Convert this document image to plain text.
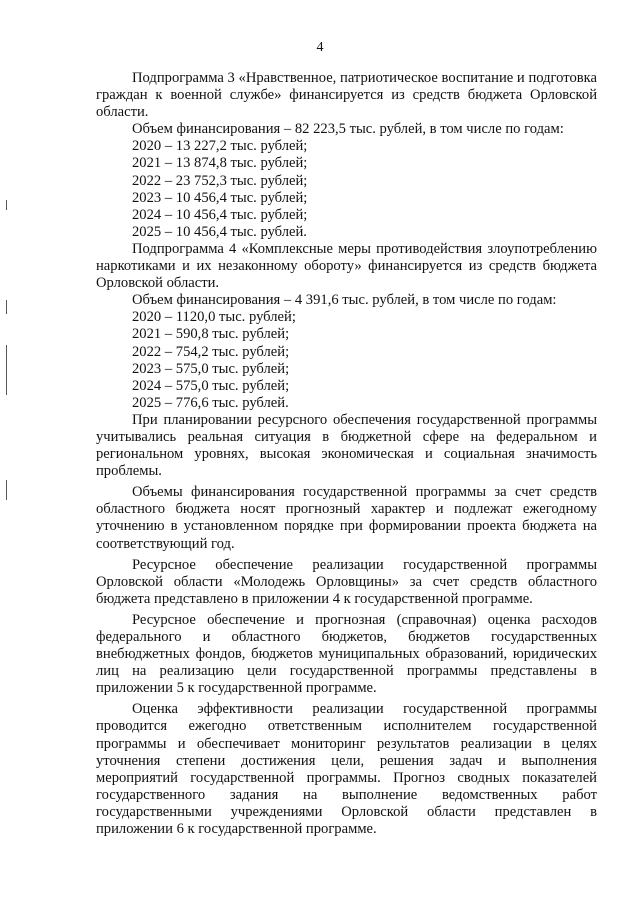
4

Подпрограмма 3 «Нравственное, патриотическое воспитание и подготовка граждан к военной службе» финансируется из средств бюджета Орловской области.

Объем финансирования – 82 223,5 тыс. рублей, в том числе по годам:

2020 – 13 227,2 тыс. рублей;

2021 – 13 874,8 тыс. рублей;

2022 – 23 752,3 тыс. рублей;

2023 – 10 456,4 тыс. рублей;

2024 – 10 456,4 тыс. рублей;

2025 – 10 456,4 тыс. рублей.

Подпрограмма 4 «Комплексные меры противодействия злоупотреблению наркотиками и их незаконному обороту» финансируется из средств бюджета Орловской области.

Объем финансирования – 4 391,6 тыс. рублей, в том числе по годам:

2020 – 1120,0 тыс. рублей;

2021 – 590,8 тыс. рублей;

2022 – 754,2 тыс. рублей;

2023 – 575,0 тыс. рублей;

2024 – 575,0 тыс. рублей;

2025 – 776,6 тыс. рублей.

При планировании ресурсного обеспечения государственной программы учитывались реальная ситуация в бюджетной сфере на федеральном и региональном уровнях, высокая экономическая и социальная значимость проблемы.

Объемы финансирования государственной программы за счет средств областного бюджета носят прогнозный характер и подлежат ежегодному уточнению в установленном порядке при формировании проекта бюджета на соответствующий год.

Ресурсное обеспечение реализации государственной программы Орловской области «Молодежь Орловщины» за счет средств областного бюджета представлено в приложении 4 к государственной программе.

Ресурсное обеспечение и прогнозная (справочная) оценка расходов федерального и областного бюджетов, бюджетов государственных внебюджетных фондов, бюджетов муниципальных образований, юридических лиц на реализацию цели государственной программы представлены в приложении 5 к государственной программе.

Оценка эффективности реализации государственной программы проводится ежегодно ответственным исполнителем государственной программы и обеспечивает мониторинг результатов реализации в целях уточнения степени достижения цели, решения задач и выполнения мероприятий государственной программы. Прогноз сводных показателей государственного задания на выполнение ведомственных работ государственными учреждениями Орловской области представлен в приложении 6 к государственной программе.
